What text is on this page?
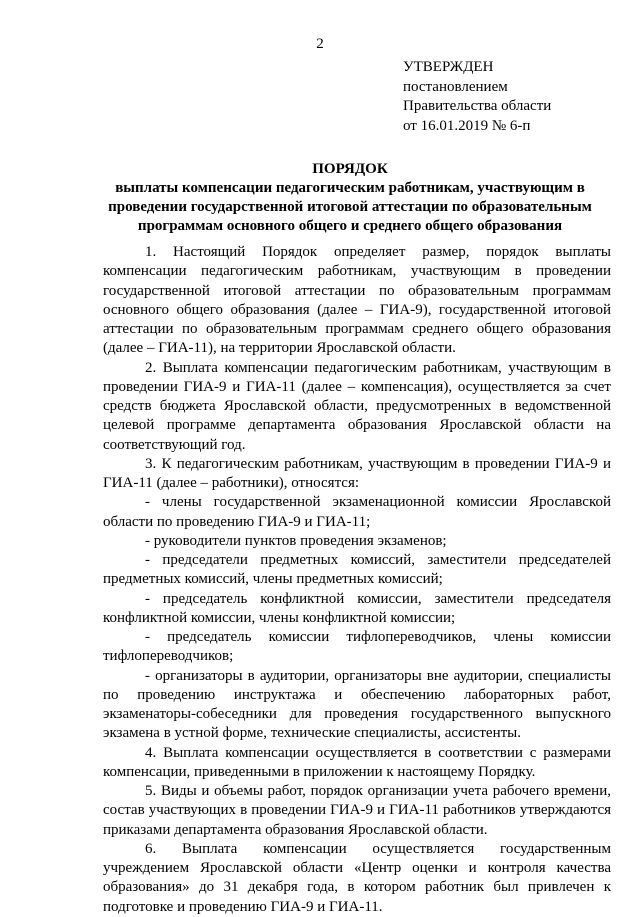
2
УТВЕРЖДЕН
постановлением
Правительства области
от 16.01.2019 № 6-п
ПОРЯДОК
выплаты компенсации педагогическим работникам, участвующим в
проведении государственной итоговой аттестации по образовательным
программам основного общего и среднего общего образования

1. Настоящий Порядок определяет размер, порядок выплаты компенсации педагогическим работникам, участвующим в проведении государственной итоговой аттестации по образовательным программам основного общего образования (далее – ГИА-9), государственной итоговой аттестации по образовательным программам среднего общего образования (далее – ГИА-11), на территории Ярославской области.

2. Выплата компенсации педагогическим работникам, участвующим в проведении ГИА-9 и ГИА-11 (далее – компенсация), осуществляется за счет средств бюджета Ярославской области, предусмотренных в ведомственной целевой программе департамента образования Ярославской области на соответствующий год.

3. К педагогическим работникам, участвующим в проведении ГИА-9 и ГИА-11 (далее – работники), относятся:

- члены государственной экзаменационной комиссии Ярославской области по проведению ГИА-9 и ГИА-11;

- руководители пунктов проведения экзаменов;

- председатели предметных комиссий, заместители председателей предметных комиссий, члены предметных комиссий;

- председатель конфликтной комиссии, заместители председателя конфликтной комиссии, члены конфликтной комиссии;

- председатель комиссии тифлопереводчиков, члены комиссии тифлопереводчиков;

- организаторы в аудитории, организаторы вне аудитории, специалисты по проведению инструктажа и обеспечению лабораторных работ, экзаменаторы-собеседники для проведения государственного выпускного экзамена в устной форме, технические специалисты, ассистенты.

4. Выплата компенсации осуществляется в соответствии с размерами компенсации, приведенными в приложении к настоящему Порядку.

5. Виды и объемы работ, порядок организации учета рабочего времени, состав участвующих в проведении ГИА-9 и ГИА-11 работников утверждаются приказами департамента образования Ярославской области.

6. Выплата компенсации осуществляется государственным учреждением Ярославской области «Центр оценки и контроля качества образования» до 31 декабря года, в котором работник был привлечен к подготовке и проведению ГИА-9 и ГИА-11.
